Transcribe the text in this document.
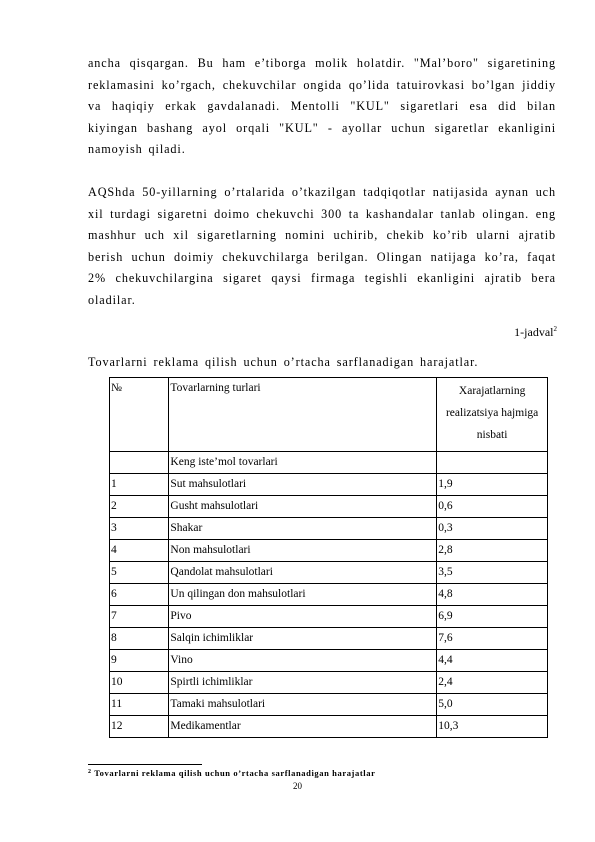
ancha qisqargan. Bu ham e’tiborga molik holatdir. "Mal’boro" sigaretining reklamasini ko’rgach, chekuvchilar ongida qo’lida tatuirovkasi bo’lgan jiddiy va haqiqiy erkak gavdalanadi. Mentolli "KUL" sigaretlari esa did bilan kiyingan bashang ayol orqali "KUL" - ayollar uchun sigaretlar ekanligini namoyish qiladi.

AQShda 50-yillarning o’rtalarida o’tkazilgan tadqiqotlar natijasida aynan uch xil turdagi sigaretni doimo chekuvchi 300 ta kashandalar tanlab olingan. eng mashhur uch xil sigaretlarning nomini uchirib, chekib ko’rib ularni ajratib berish uchun doimiy chekuvchilarga berilgan. Olingan natijaga ko’ra, faqat 2% chekuvchilargina sigaret qaysi firmaga tegishli ekanligini ajratib bera oladilar.

1-jadval$^2$

Tovarlarni reklama qilish uchun o’rtacha sarflanadigan harajatlar.

№	Tovarlarning turlari	Xarajatlarning realizatsiya hajmiga nisbati
	Keng iste’mol tovarlari	
1	Sut mahsulotlari	1,9
2	Gusht mahsulotlari	0,6
3	Shakar	0,3
4	Non mahsulotlari	2,8
5	Qandolat mahsulotlari	3,5
6	Un qilingan don mahsulotlari	4,8
7	Pivo	6,9
8	Salqin ichimliklar	7,6
9	Vino	4,4
10	Spirtli ichimliklar	2,4
11	Tamaki mahsulotlari	5,0
12	Medikamentlar	10,3
$^2$ Tovarlarni reklama qilish uchun o’rtacha sarflanadigan harajatlar
20
